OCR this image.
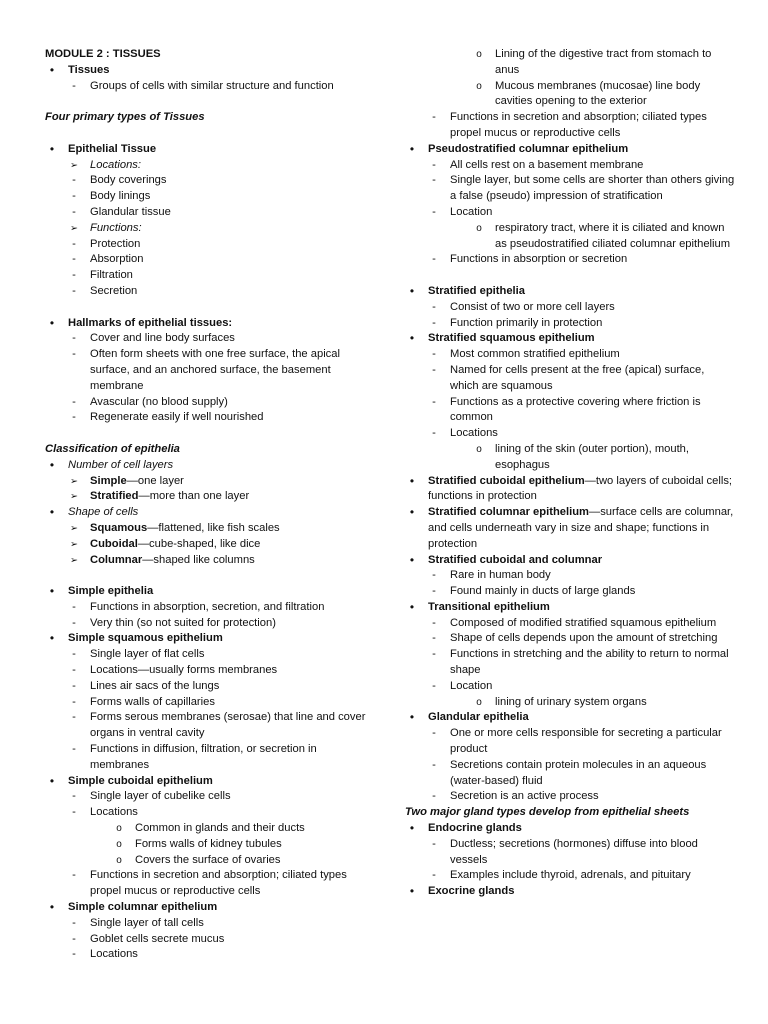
MODULE 2 : TISSUES
•	Tissues
-	Groups of cells with similar structure and function
Four primary types of Tissues
•	Epithelial Tissue
➢ Locations:
-	Body coverings
-	Body linings
-	Glandular tissue
➢ Functions:
-	Protection
-	Absorption
-	Filtration
-	Secretion
•	Hallmarks of epithelial tissues:
-	Cover and line body surfaces
-	Often form sheets with one free surface, the apical surface, and an anchored surface, the basement membrane
-	Avascular (no blood supply)
-	Regenerate easily if well nourished
Classification of epithelia
•	Number of cell layers
➢ Simple—one layer
➢ Stratified—more than one layer
•	Shape of cells
➢ Squamous—flattened, like fish scales
➢ Cuboidal—cube-shaped, like dice
➢ Columnar—shaped like columns
•	Simple epithelia
-	Functions in absorption, secretion, and filtration
-	Very thin (so not suited for protection)
•	Simple squamous epithelium
-	Single layer of flat cells
-	Locations—usually forms membranes
-	Lines air sacs of the lungs
-	Forms walls of capillaries
-	Forms serous membranes (serosae) that line and cover organs in ventral cavity
-	Functions in diffusion, filtration, or secretion in membranes
•	Simple cuboidal epithelium
-	Single layer of cubelike cells
-	Locations
o	Common in glands and their ducts
o	Forms walls of kidney tubules
o	Covers the surface of ovaries
-	Functions in secretion and absorption; ciliated types propel mucus or reproductive cells
•	Simple columnar epithelium
-	Single layer of tall cells
-	Goblet cells secrete mucus
-	Locations
o	Lining of the digestive tract from stomach to anus
o	Mucous membranes (mucosae) line body cavities opening to the exterior
-	Functions in secretion and absorption; ciliated types propel mucus or reproductive cells
•	Pseudostratified columnar epithelium
-	All cells rest on a basement membrane
-	Single layer, but some cells are shorter than others giving a false (pseudo) impression of stratification
-	Location
o	respiratory tract, where it is ciliated and known as pseudostratified ciliated columnar epithelium
-	Functions in absorption or secretion
•	Stratified epithelia
-	Consist of two or more cell layers
-	Function primarily in protection
•	Stratified squamous epithelium
-	Most common stratified epithelium
-	Named for cells present at the free (apical) surface, which are squamous
-	Functions as a protective covering where friction is common
-	Locations
o	lining of the skin (outer portion), mouth, esophagus
•	Stratified cuboidal epithelium—two layers of cuboidal cells; functions in protection
•	Stratified columnar epithelium—surface cells are columnar, and cells underneath vary in size and shape; functions in protection
•	Stratified cuboidal and columnar
-	Rare in human body
-	Found mainly in ducts of large glands
•	Transitional epithelium
-	Composed of modified stratified squamous epithelium
-	Shape of cells depends upon the amount of stretching
-	Functions in stretching and the ability to return to normal shape
-	Location
o	lining of urinary system organs
•	Glandular epithelia
-	One or more cells responsible for secreting a particular product
-	Secretions contain protein molecules in an aqueous (water-based) fluid
-	Secretion is an active process
Two major gland types develop from epithelial sheets
•	Endocrine glands
-	Ductless; secretions (hormones) diffuse into blood vessels
-	Examples include thyroid, adrenals, and pituitary
•	Exocrine glands
